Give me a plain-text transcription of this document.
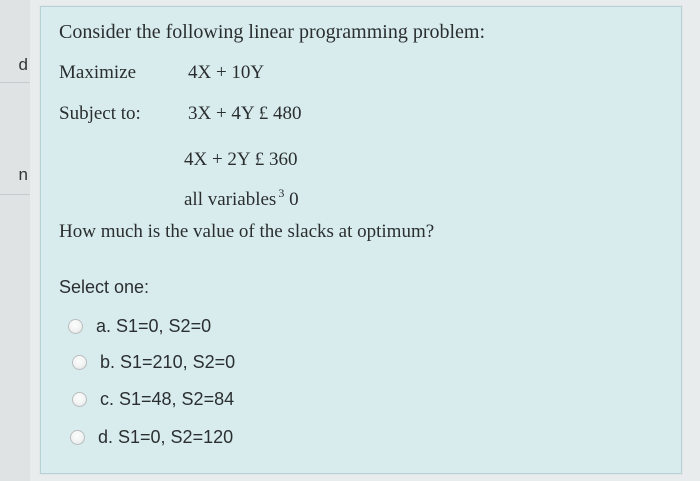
d
n
Consider the following linear programming problem:
Maximize	4X + 10Y
Subject to: 3X + 4Y £ 480
4X + 2Y £ 360
all variables $^3$ 0
How much is the value of the slacks at optimum?
Select one:
a. S1=0, S2=0
b. S1=210, S2=0
c. S1=48, S2=84
d. S1=0, S2=120
